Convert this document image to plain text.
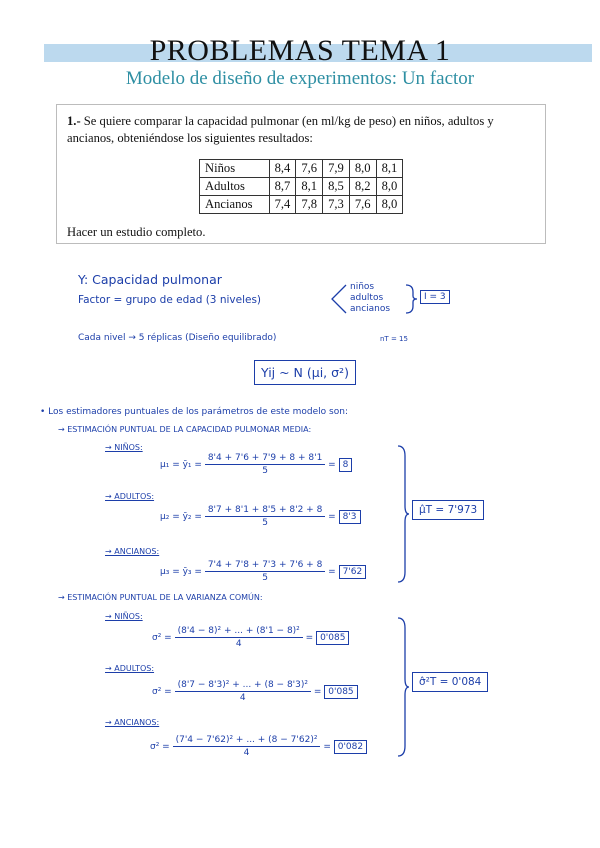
PROBLEMAS TEMA 1
Modelo de diseño de experimentos: Un factor
1.- Se quiere comparar la capacidad pulmonar (en ml/kg de peso) en niños, adultos y ancianos, obteniéndose los siguientes resultados:
Niños	8,4	7,6	7,9	8,0	8,1
Adultos	8,7	8,1	8,5	8,2	8,0
Ancianos	7,4	7,8	7,3	7,6	8,0
Hacer un estudio completo.
Y: Capacidad pulmonar
Factor = grupo de edad (3 niveles)
niños
adultos
ancianos
I = 3
Cada nivel → 5 réplicas (Diseño equilibrado)	nT = 15
Yij ~ N (μi, σ²)
• Los estimadores puntuales de los parámetros de este modelo son:
→ ESTIMACIÓN PUNTUAL DE LA CAPACIDAD PULMONAR MEDIA:
→ NIÑOS:
μ₁ = ȳ₁ = $\frac{8'4 + 7'6 + 7'9 + 8 + 8'1}{5} = 8$
→ ADULTOS:
μ₂ = ȳ₂ = $\frac{8'7 + 8'1 + 8'5 + 8'2 + 8}{5} = 8'3$
→ ANCIANOS:
μ₃ = ȳ₃ = $\frac{7'4 + 7'8 + 7'3 + 7'6 + 8}{5} = 7'62$
μ̂T = 7'973
→ ESTIMACIÓN PUNTUAL DE LA VARIANZA COMÚN:
→ NIÑOS:
$\sigma^2 = \frac{\text{(8'4 − 8)² + ... + (8'1 − 8)²}}{4} = 0'085$
→ ADULTOS:
$\sigma^2 = \frac{\text{(8'7 − 8'3)² + ... + (8 − 8'3)²}}{4} = 0'085$
→ ANCIANOS:
$\sigma^2 = \frac{\text{(7'4 − 7'62)² + ... + (8 − 7'62)²}}{4} = 0'082$
σ̂²T = 0'084
